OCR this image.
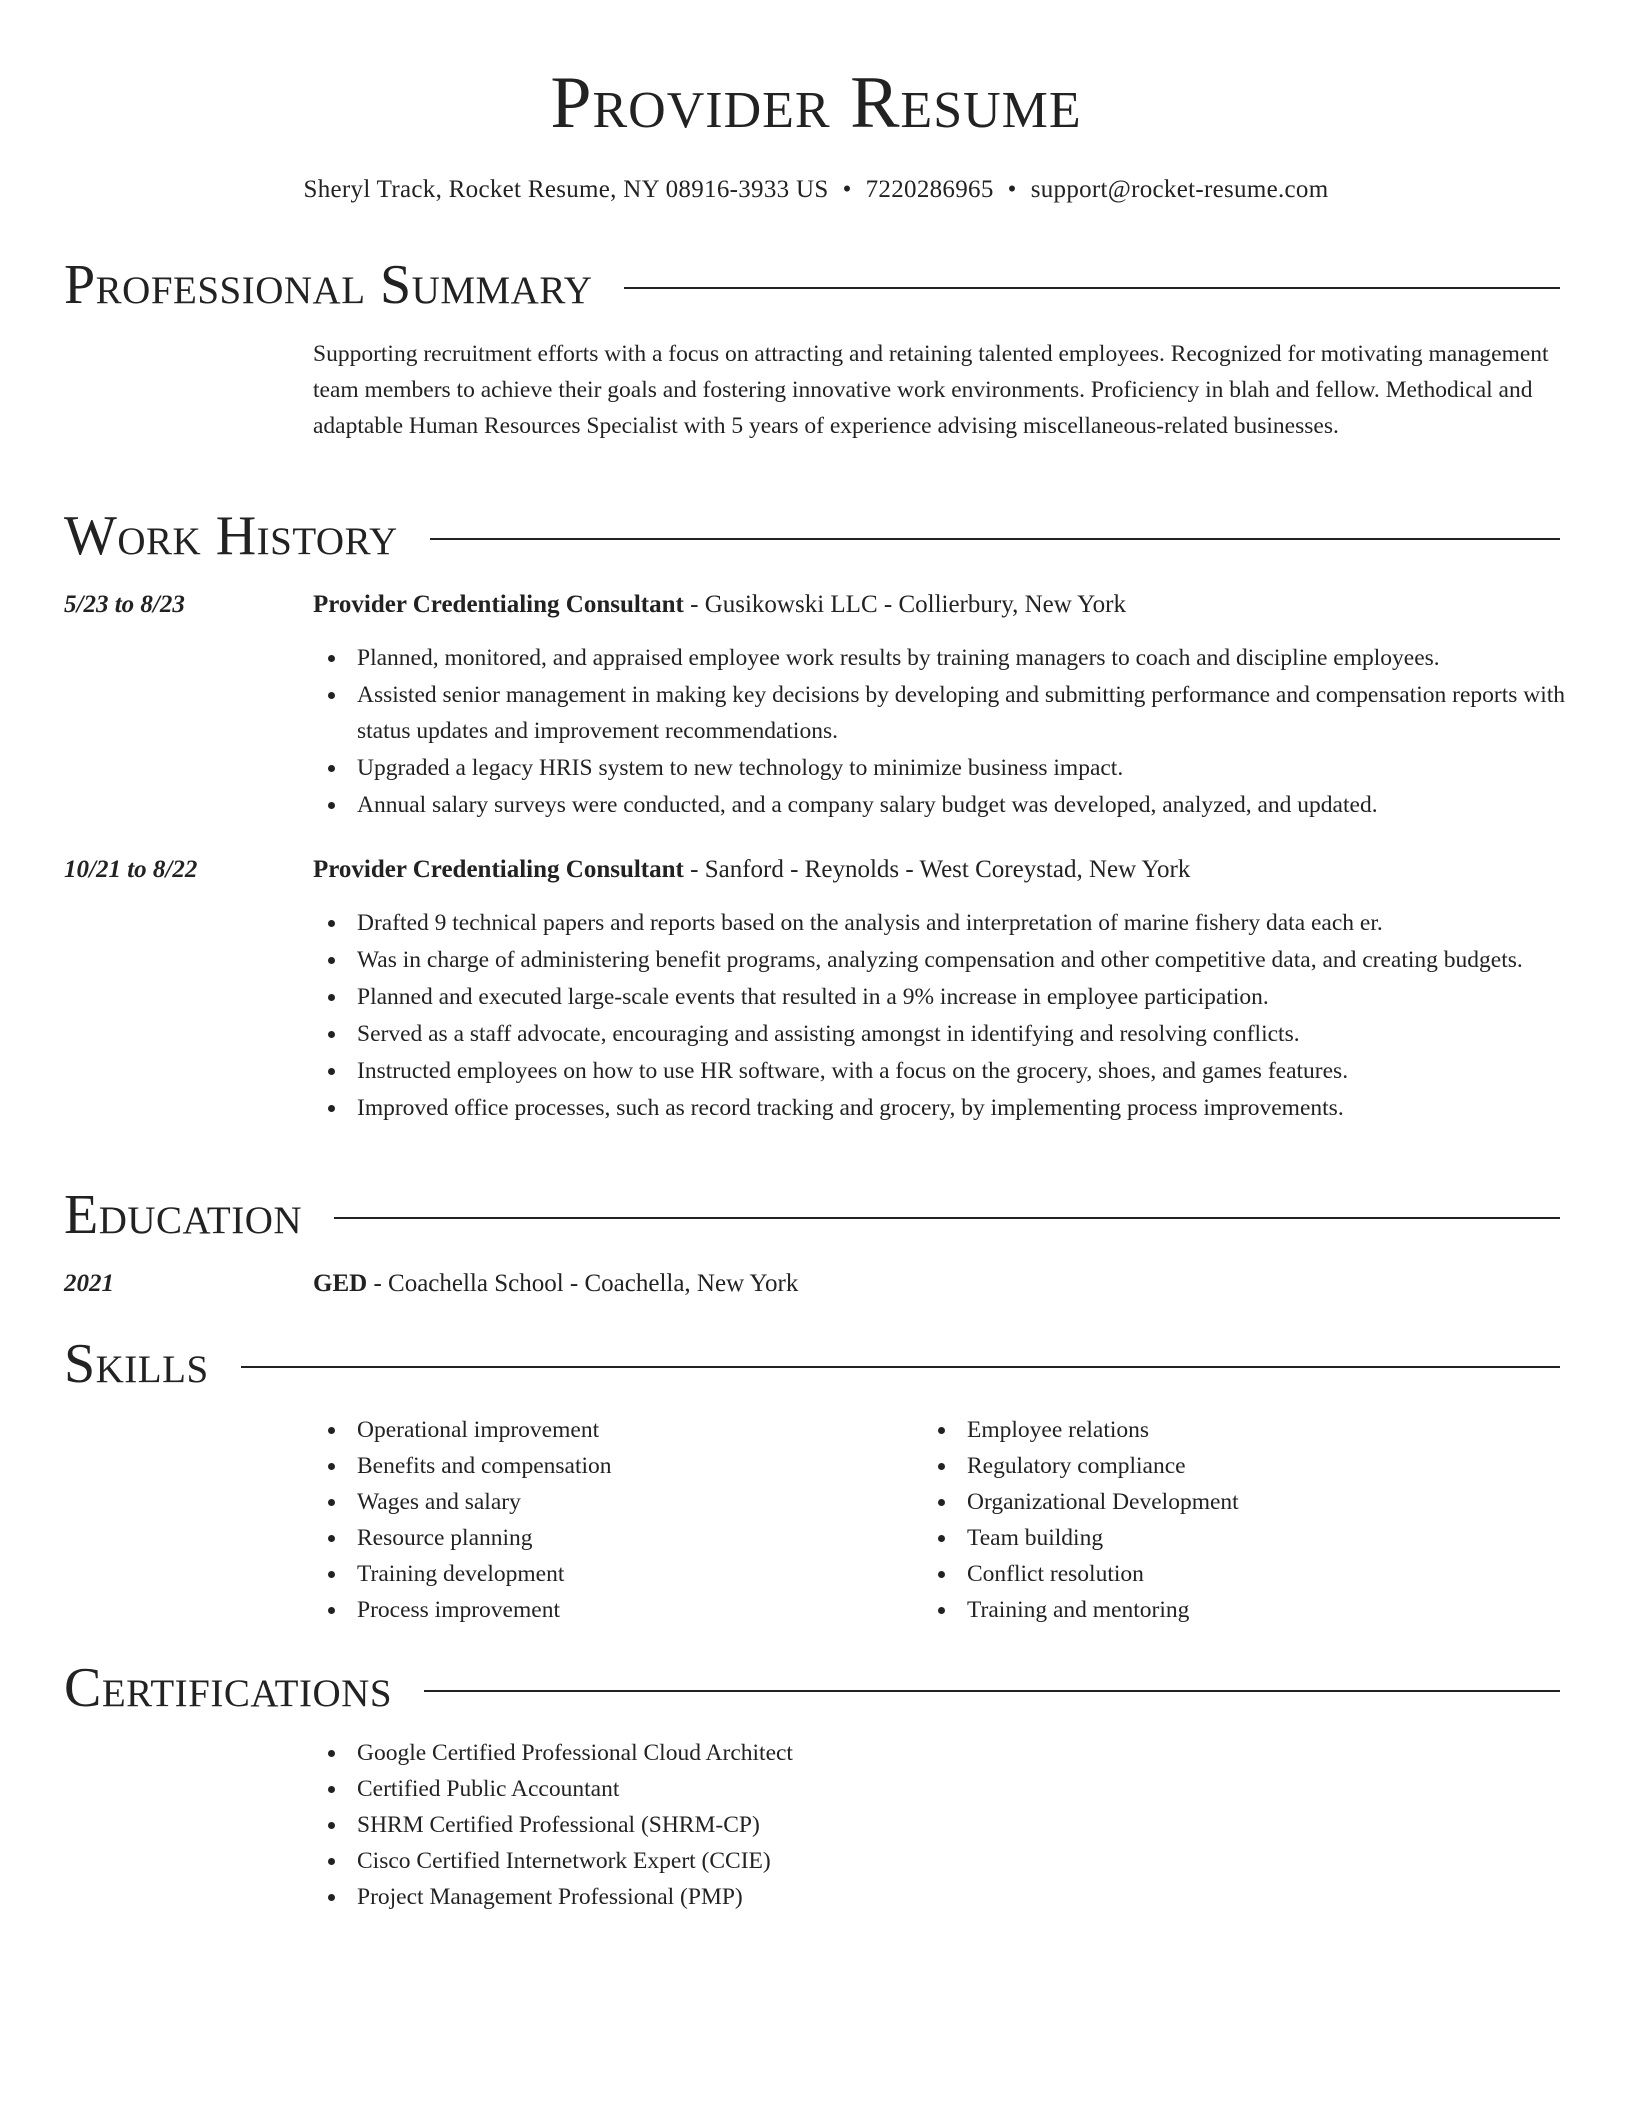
Provider Resume
Sheryl Track, Rocket Resume, NY 08916-3933 US • 7220286965 • support@rocket-resume.com
Professional Summary
Supporting recruitment efforts with a focus on attracting and retaining talented employees. Recognized for motivating management team members to achieve their goals and fostering innovative work environments. Proficiency in blah and fellow. Methodical and adaptable Human Resources Specialist with 5 years of experience advising miscellaneous-related businesses.
Work History
5/23 to 8/23	Provider Credentialing Consultant - Gusikowski LLC - Collierbury, New York
Planned, monitored, and appraised employee work results by training managers to coach and discipline employees.
Assisted senior management in making key decisions by developing and submitting performance and compensation reports with status updates and improvement recommendations.
Upgraded a legacy HRIS system to new technology to minimize business impact.
Annual salary surveys were conducted, and a company salary budget was developed, analyzed, and updated.
10/21 to 8/22	Provider Credentialing Consultant - Sanford - Reynolds - West Coreystad, New York
Drafted 9 technical papers and reports based on the analysis and interpretation of marine fishery data each er.
Was in charge of administering benefit programs, analyzing compensation and other competitive data, and creating budgets.
Planned and executed large-scale events that resulted in a 9% increase in employee participation.
Served as a staff advocate, encouraging and assisting amongst in identifying and resolving conflicts.
Instructed employees on how to use HR software, with a focus on the grocery, shoes, and games features.
Improved office processes, such as record tracking and grocery, by implementing process improvements.
Education
2021	GED - Coachella School - Coachella, New York
Skills
Operational improvement
Benefits and compensation
Wages and salary
Resource planning
Training development
Process improvement
Employee relations
Regulatory compliance
Organizational Development
Team building
Conflict resolution
Training and mentoring
Certifications
Google Certified Professional Cloud Architect
Certified Public Accountant
SHRM Certified Professional (SHRM-CP)
Cisco Certified Internetwork Expert (CCIE)
Project Management Professional (PMP)
